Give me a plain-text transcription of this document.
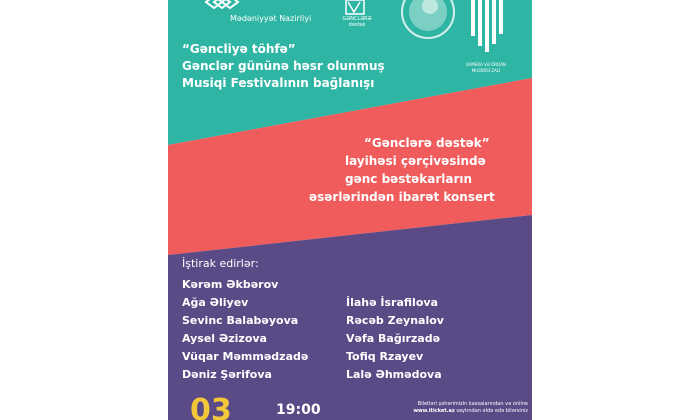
Mədəniyyət Nazirliyi	GƏNCLƏRƏ dəstək
KAMERA VƏ ORQAN MUSİQİSİ ZALI
“Gəncliyə töhfə”
Gənclər gününə həsr olunmuş
Musiqi Festivalının bağlanışı
“Gənclərə dəstək”
layihəsi çərçivəsində
gənc bəstəkarların
əsərlərindən ibarət konsert
İştirak edirlər:
Kərəm Əkbərov
Ağa Əliyev
Sevinc Balabəyova
Aysel Əzizova
Vüqar Məmmədzadə
Dəniz Şərifova
İlahə İsrafilova
Rəcəb Zeynalov
Vəfa Bağırzadə
Tofiq Rzayev
Lalə Əhmədova
03	19:00	Biletləri şəhərimizin kassalarından və online
www.iticket.az saytından əldə edə bilərsiniz
